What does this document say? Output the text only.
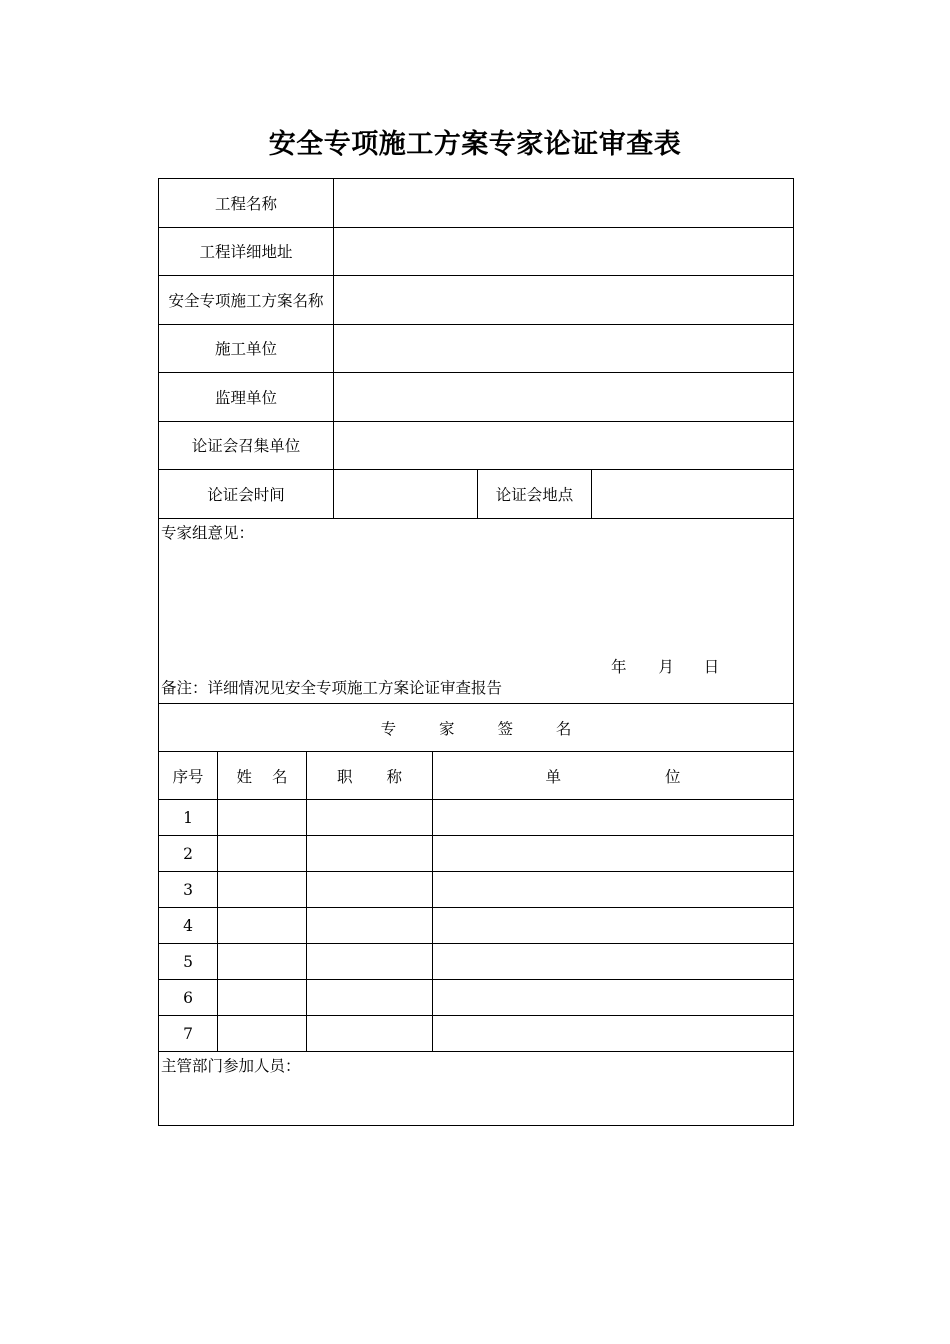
安全专项施工方案专家论证审查表
工程名称			
工程详细地址			
安全专项施工方案名称			
施工单位			
监理单位			
论证会召集单位			
论证会时间		论证会地点	
专家组意见：
年 月 日
备注：详细情况见安全专项施工方案论证审查报告			

专 家 签 名			
序号	姓 名	职 称	单 位
1			
2			
3			
4			
5			
6			
7			

主管部门参加人员：			
